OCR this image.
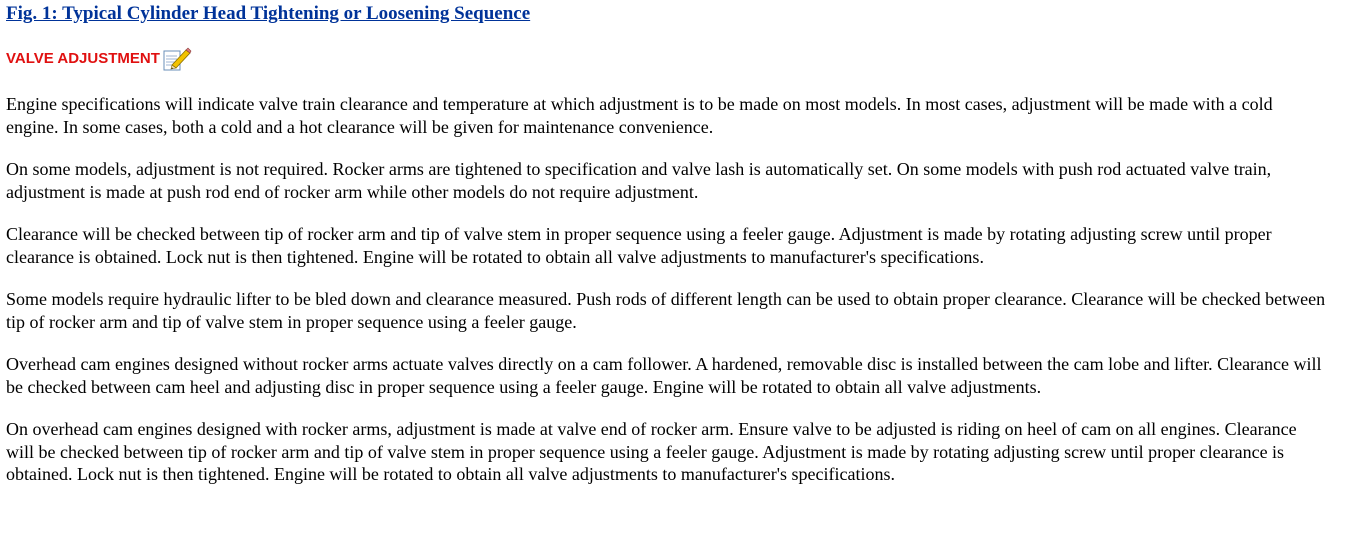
Fig. 1: Typical Cylinder Head Tightening or Loosening Sequence
VALVE ADJUSTMENT

Engine specifications will indicate valve train clearance and temperature at which adjustment is to be made on most models. In most cases, adjustment will be made with a cold engine. In some cases, both a cold and a hot clearance will be given for maintenance convenience.

On some models, adjustment is not required. Rocker arms are tightened to specification and valve lash is automatically set. On some models with push rod actuated valve train, adjustment is made at push rod end of rocker arm while other models do not require adjustment.

Clearance will be checked between tip of rocker arm and tip of valve stem in proper sequence using a feeler gauge. Adjustment is made by rotating adjusting screw until proper clearance is obtained. Lock nut is then tightened. Engine will be rotated to obtain all valve adjustments to manufacturer's specifications.

Some models require hydraulic lifter to be bled down and clearance measured. Push rods of different length can be used to obtain proper clearance. Clearance will be checked between tip of rocker arm and tip of valve stem in proper sequence using a feeler gauge.

Overhead cam engines designed without rocker arms actuate valves directly on a cam follower. A hardened, removable disc is installed between the cam lobe and lifter. Clearance will be checked between cam heel and adjusting disc in proper sequence using a feeler gauge. Engine will be rotated to obtain all valve adjustments.

On overhead cam engines designed with rocker arms, adjustment is made at valve end of rocker arm. Ensure valve to be adjusted is riding on heel of cam on all engines. Clearance will be checked between tip of rocker arm and tip of valve stem in proper sequence using a feeler gauge. Adjustment is made by rotating adjusting screw until proper clearance is obtained. Lock nut is then tightened. Engine will be rotated to obtain all valve adjustments to manufacturer's specifications.
